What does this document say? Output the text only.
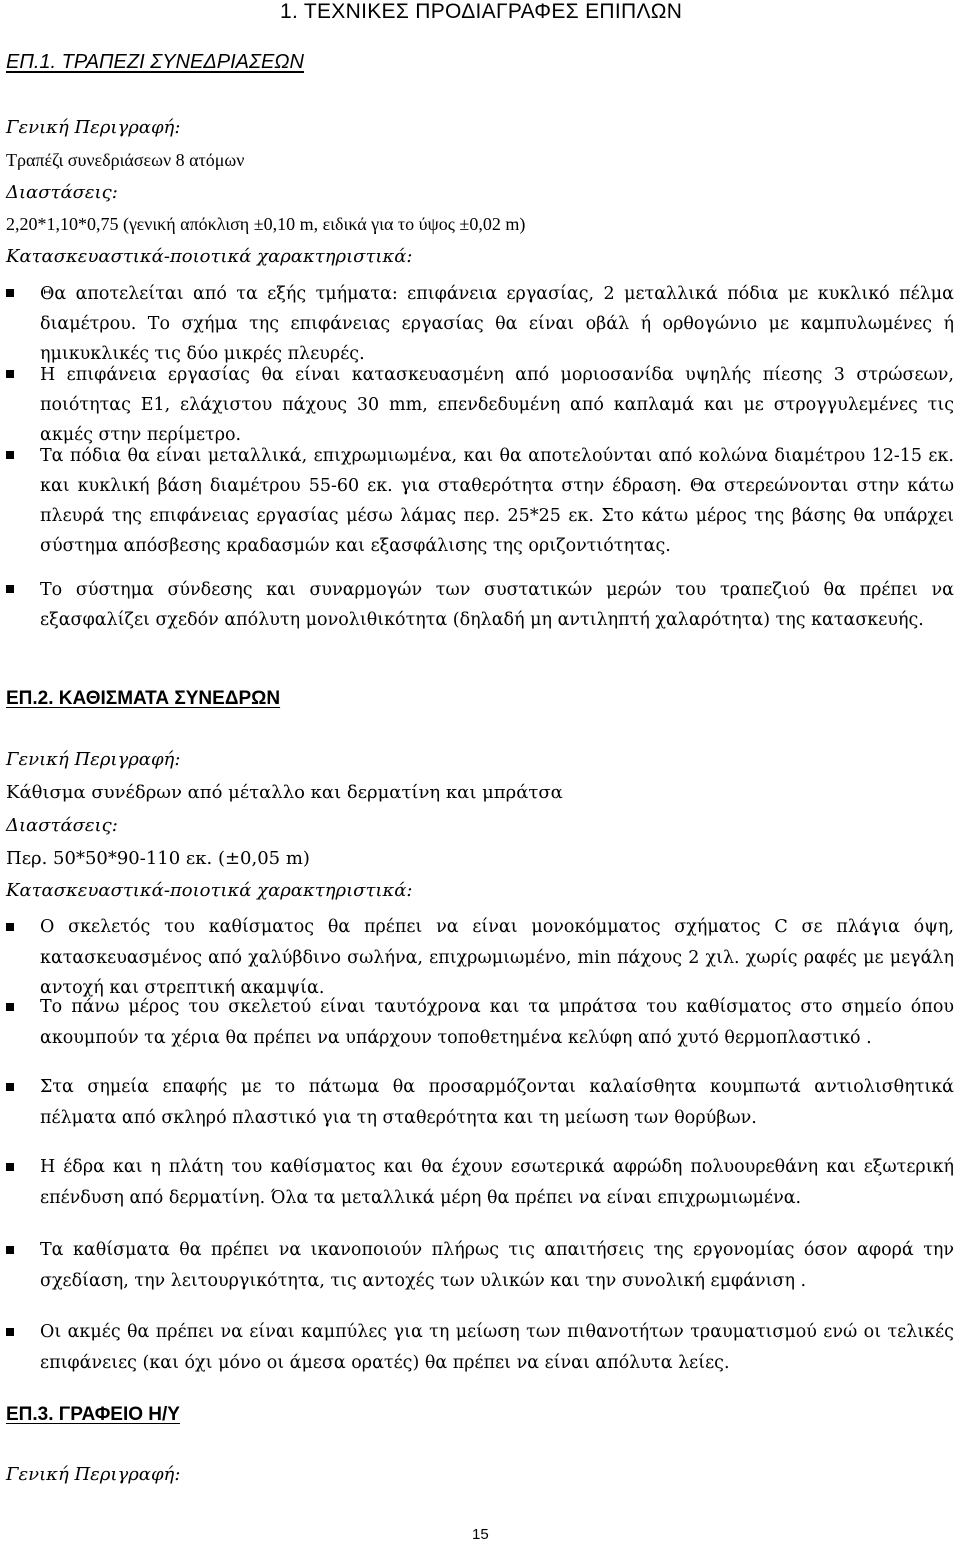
1. ΤΕΧΝΙΚΕΣ ΠΡΟΔΙΑΓΡΑΦΕΣ ΕΠΙΠΛΩΝ
ΕΠ.1. ΤΡΑΠΕΖΙ ΣΥΝΕΔΡΙΑΣΕΩΝ
Γενική Περιγραφή:
Τραπέζι συνεδριάσεων 8 ατόμων
Διαστάσεις:
2,20*1,10*0,75 (γενική απόκλιση ±0,10 m, ειδικά για το ύψος ±0,02 m)
Κατασκευαστικά-ποιοτικά χαρακτηριστικά:
Θα αποτελείται από τα εξής τμήματα: επιφάνεια εργασίας, 2 μεταλλικά πόδια με κυκλικό πέλμα διαμέτρου. Το σχήμα της επιφάνειας εργασίας θα είναι οβάλ ή ορθογώνιο με καμπυλωμένες ή ημικυκλικές τις δύο μικρές πλευρές.
Η επιφάνεια εργασίας θα είναι κατασκευασμένη από μοριοσανίδα υψηλής πίεσης 3 στρώσεων, ποιότητας Ε1, ελάχιστου πάχους 30 mm, επενδεδυμένη από καπλαμά και με στρογγυλεμένες τις ακμές στην περίμετρο.
Τα πόδια θα είναι μεταλλικά, επιχρωμιωμένα, και θα αποτελούνται από κολώνα διαμέτρου 12-15 εκ. και κυκλική βάση διαμέτρου 55-60 εκ. για σταθερότητα στην έδραση. Θα στερεώνονται στην κάτω πλευρά της επιφάνειας εργασίας μέσω λάμας περ. 25*25 εκ. Στο κάτω μέρος της βάσης θα υπάρχει σύστημα απόσβεσης κραδασμών και εξασφάλισης της οριζοντιότητας.
Το σύστημα σύνδεσης και συναρμογών των συστατικών μερών του τραπεζιού θα πρέπει να εξασφαλίζει σχεδόν απόλυτη μονολιθικότητα (δηλαδή μη αντιληπτή χαλαρότητα) της κατασκευής.
ΕΠ.2. ΚΑΘΙΣΜΑΤΑ ΣΥΝΕΔΡΩΝ
Γενική Περιγραφή:
Κάθισμα συνέδρων από μέταλλο και δερματίνη και μπράτσα
Διαστάσεις:
Περ. 50*50*90-110 εκ. (±0,05 m)
Κατασκευαστικά-ποιοτικά χαρακτηριστικά:
Ο σκελετός του καθίσματος θα πρέπει να είναι μονοκόμματος σχήματος C σε πλάγια όψη, κατασκευασμένος από χαλύβδινο σωλήνα, επιχρωμιωμένο, min πάχους 2 χιλ. χωρίς ραφές με μεγάλη αντοχή και στρεπτική ακαμψία.
Το πάνω μέρος του σκελετού είναι ταυτόχρονα και τα μπράτσα του καθίσματος στο σημείο όπου ακουμπούν τα χέρια θα πρέπει να υπάρχουν τοποθετημένα κελύφη από χυτό θερμοπλαστικό .
Στα σημεία επαφής με το πάτωμα θα προσαρμόζονται καλαίσθητα κουμπωτά αντιολισθητικά πέλματα από σκληρό πλαστικό για τη σταθερότητα και τη μείωση των θορύβων.
Η έδρα και η πλάτη του καθίσματος και θα έχουν εσωτερικά αφρώδη πολυουρεθάνη και εξωτερική επένδυση από δερματίνη. Όλα τα μεταλλικά μέρη θα πρέπει να είναι επιχρωμιωμένα.
Τα καθίσματα θα πρέπει να ικανοποιούν πλήρως τις απαιτήσεις της εργονομίας όσον αφορά την σχεδίαση, την λειτουργικότητα, τις αντοχές των υλικών και την συνολική εμφάνιση .
Οι ακμές θα πρέπει να είναι καμπύλες για τη μείωση των πιθανοτήτων τραυματισμού ενώ οι τελικές επιφάνειες (και όχι μόνο οι άμεσα ορατές) θα πρέπει να είναι απόλυτα λείες.
ΕΠ.3. ΓΡΑΦΕΙΟ Η/Υ
Γενική Περιγραφή:
15
